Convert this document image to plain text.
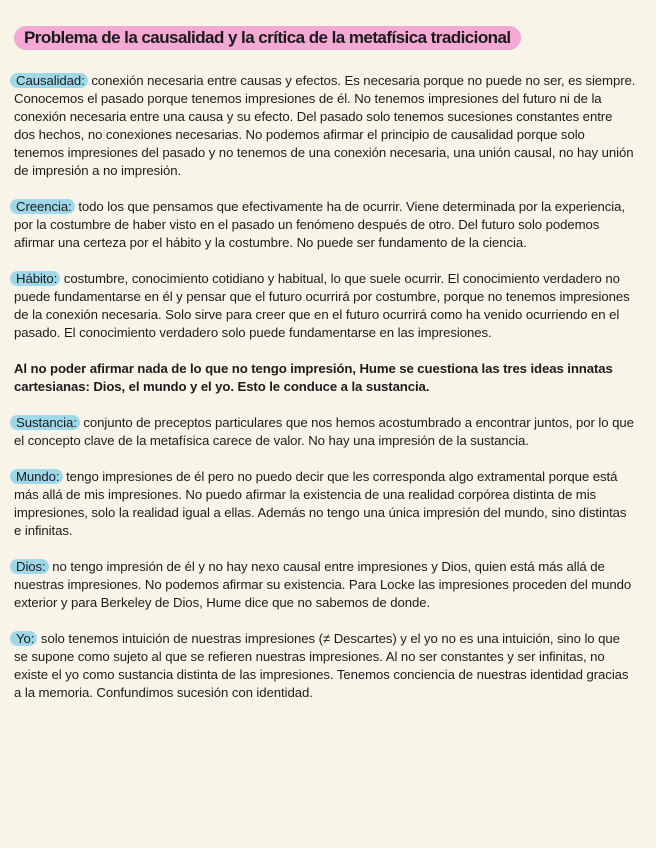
Problema de la causalidad y la crítica de la metafísica tradicional

Causalidad: conexión necesaria entre causas y efectos. Es necesaria porque no puede no ser, es siempre. Conocemos el pasado porque tenemos impresiones de él. No tenemos impresiones del futuro ni de la conexión necesaria entre una causa y su efecto. Del pasado solo tenemos sucesiones constantes entre dos hechos, no conexiones necesarias. No podemos afirmar el principio de causalidad porque solo tenemos impresiones del pasado y no tenemos de una conexión necesaria, una unión causal, no hay unión de impresión a no impresión.

Creencia: todo los que pensamos que efectivamente ha de ocurrir. Viene determinada por la experiencia, por la costumbre de haber visto en el pasado un fenómeno después de otro. Del futuro solo podemos afirmar una certeza por el hábito y la costumbre. No puede ser fundamento de la ciencia.

Hábito: costumbre, conocimiento cotidiano y habitual, lo que suele ocurrir. El conocimiento verdadero no puede fundamentarse en él y pensar que el futuro ocurrirá por costumbre, porque no tenemos impresiones de la conexión necesaria. Solo sirve para creer que en el futuro ocurrirá como ha venido ocurriendo en el pasado. El conocimiento verdadero solo puede fundamentarse en las impresiones.

Al no poder afirmar nada de lo que no tengo impresión, Hume se cuestiona las tres ideas innatas cartesianas: Dios, el mundo y el yo. Esto le conduce a la sustancia.

Sustancia: conjunto de preceptos particulares que nos hemos acostumbrado a encontrar juntos, por lo que el concepto clave de la metafísica carece de valor. No hay una impresión de la sustancia.

Mundo: tengo impresiones de él pero no puedo decir que les corresponda algo extramental porque está más allá de mis impresiones. No puedo afirmar la existencia de una realidad corpórea distinta de mis impresiones, solo la realidad igual a ellas. Además no tengo una única impresión del mundo, sino distintas e infinitas.

Dios: no tengo impresión de él y no hay nexo causal entre impresiones y Dios, quien está más allá de nuestras impresiones. No podemos afirmar su existencia. Para Locke las impresiones proceden del mundo exterior y para Berkeley de Dios, Hume dice que no sabemos de donde.

Yo: solo tenemos intuición de nuestras impresiones (≠ Descartes) y el yo no es una intuición, sino lo que se supone como sujeto al que se refieren nuestras impresiones. Al no ser constantes y ser infinitas, no existe el yo como sustancia distinta de las impresiones. Tenemos conciencia de nuestras identidad gracias a la memoria. Confundimos sucesión con identidad.
